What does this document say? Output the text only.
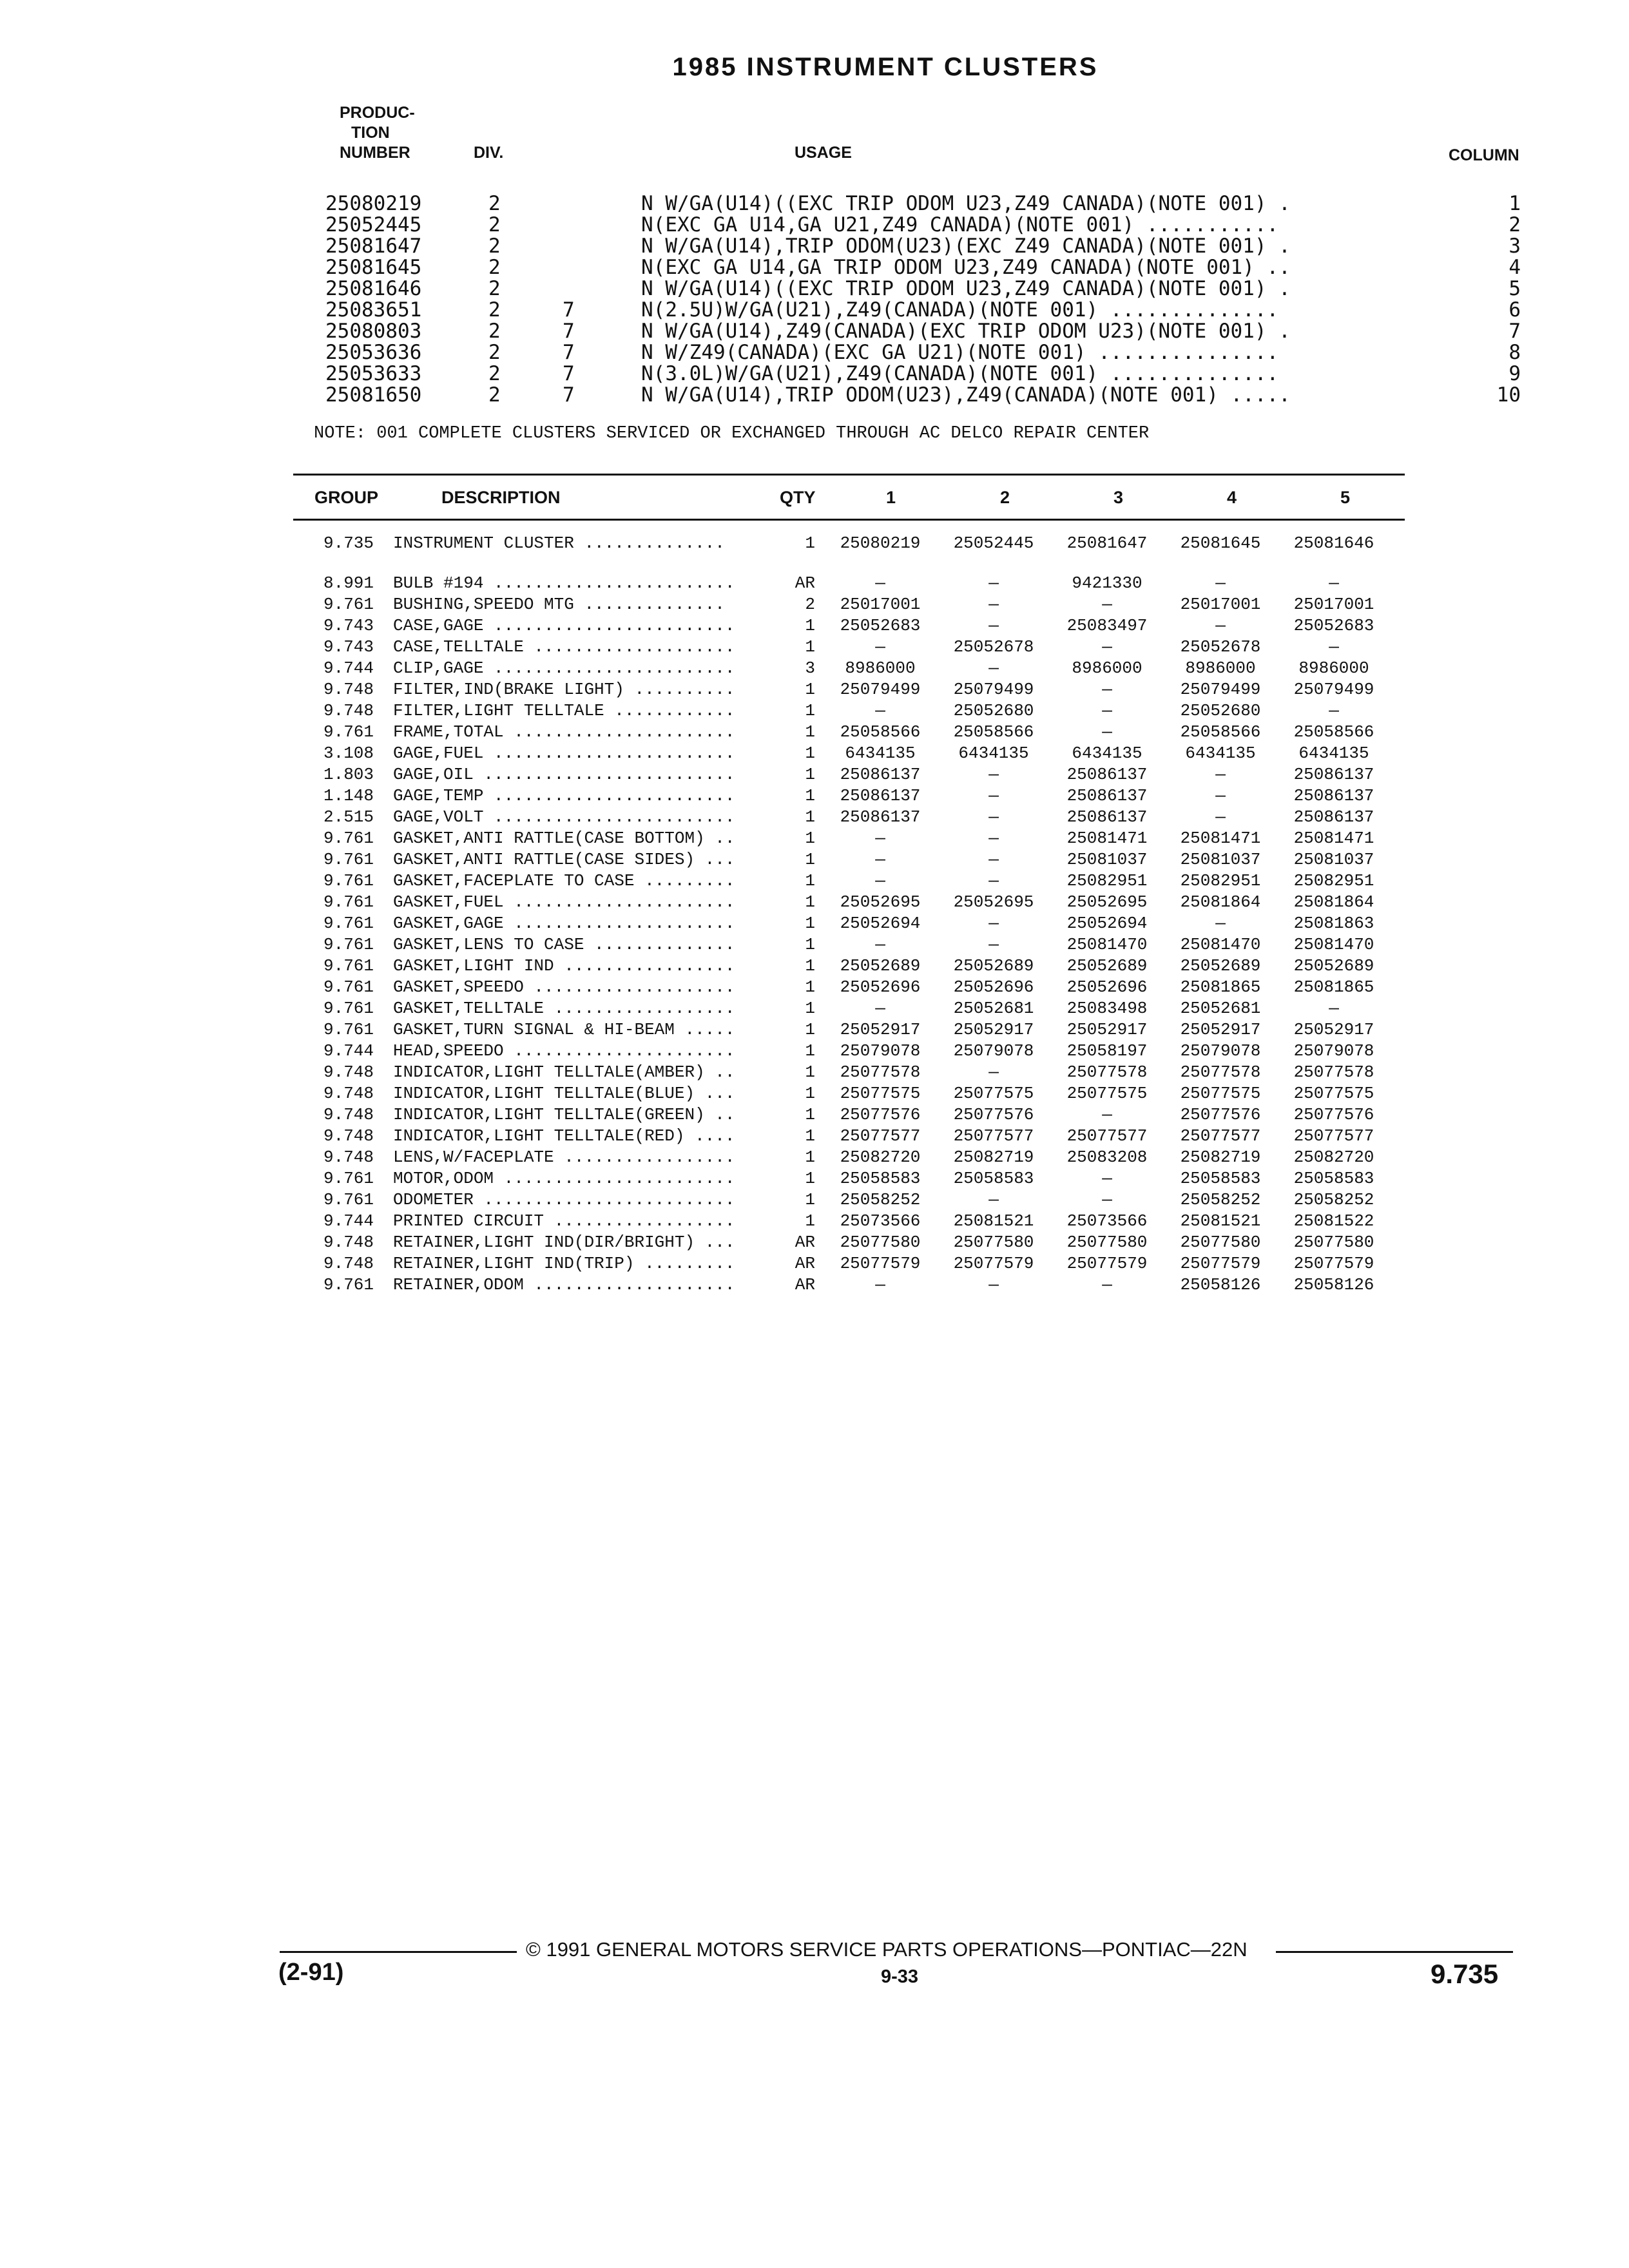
1985 INSTRUMENT CLUSTERS
PRODUC-
TION
NUMBER	DIV.	USAGE	COLUMN
25080219	2	N W/GA(U14)((EXC TRIP ODOM U23,Z49 CANADA)(NOTE 001) .	1
25052445	2	N(EXC GA U14,GA U21,Z49 CANADA)(NOTE 001) ...........	2
25081647	2	N W/GA(U14),TRIP ODOM(U23)(EXC Z49 CANADA)(NOTE 001) .	3
25081645	2	N(EXC GA U14,GA TRIP ODOM U23,Z49 CANADA)(NOTE 001) ..	4
25081646	2	N W/GA(U14)((EXC TRIP ODOM U23,Z49 CANADA)(NOTE 001) .	5
25083651	2	7	N(2.5U)W/GA(U21),Z49(CANADA)(NOTE 001) ..............	6
25080803	2	7	N W/GA(U14),Z49(CANADA)(EXC TRIP ODOM U23)(NOTE 001) .	7
25053636	2	7	N W/Z49(CANADA)(EXC GA U21)(NOTE 001) ...............	8
25053633	2	7	N(3.0L)W/GA(U21),Z49(CANADA)(NOTE 001) ..............	9
25081650	2	7	N W/GA(U14),TRIP ODOM(U23),Z49(CANADA)(NOTE 001) .....	10
NOTE: 001 COMPLETE CLUSTERS SERVICED OR EXCHANGED THROUGH AC DELCO REPAIR CENTER
GROUP	DESCRIPTION	QTY	1	2	3	4	5
9.735 INSTRUMENT CLUSTER ..............	1 25080219 25052445 25081647 25081645 25081646
8.991 BULB #194 ........................	AR	—	—	9421330	—	—
9.761 BUSHING,SPEEDO MTG ..............	2 25017001	—	—	25017001 25017001
9.743 CASE,GAGE ........................	1 25052683	—	25083497	—	25052683
9.743 CASE,TELLTALE ....................	1	—	25052678	—	25052678	—
9.744 CLIP,GAGE ........................	3	8986000	—	8986000	8986000	8986000
9.748 FILTER,IND(BRAKE LIGHT) ..........	1 25079499 25079499	—	25079499 25079499
9.748 FILTER,LIGHT TELLTALE ............	1	—	25052680	—	25052680	—
9.761 FRAME,TOTAL ......................	1 25058566 25058566	—	25058566 25058566
3.108 GAGE,FUEL ........................	1	6434135	6434135	6434135	6434135	6434135
1.803 GAGE,OIL .........................	1 25086137	—	25086137	—	25086137
1.148 GAGE,TEMP ........................	1 25086137	—	25086137	—	25086137
2.515 GAGE,VOLT ........................	1 25086137	—	25086137	—	25086137
9.761 GASKET,ANTI RATTLE(CASE BOTTOM) ..	1	—	—	25081471 25081471 25081471
9.761 GASKET,ANTI RATTLE(CASE SIDES) ...	1	—	—	25081037 25081037 25081037
9.761 GASKET,FACEPLATE TO CASE .........	1	—	—	25082951 25082951 25082951
9.761 GASKET,FUEL ......................	1 25052695 25052695 25052695 25081864 25081864
9.761 GASKET,GAGE ......................	1 25052694	—	25052694	—	25081863
9.761 GASKET,LENS TO CASE ..............	1	—	—	25081470 25081470 25081470
9.761 GASKET,LIGHT IND .................	1 25052689 25052689 25052689 25052689 25052689
9.761 GASKET,SPEEDO ....................	1 25052696 25052696 25052696 25081865 25081865
9.761 GASKET,TELLTALE ..................	1	—	25052681 25083498 25052681	—
9.761 GASKET,TURN SIGNAL & HI-BEAM .....	1 25052917 25052917 25052917 25052917 25052917
9.744 HEAD,SPEEDO ......................	1 25079078 25079078 25058197 25079078 25079078
9.748 INDICATOR,LIGHT TELLTALE(AMBER) ..	1 25077578	—	25077578 25077578 25077578
9.748 INDICATOR,LIGHT TELLTALE(BLUE) ...	1 25077575 25077575 25077575 25077575 25077575
9.748 INDICATOR,LIGHT TELLTALE(GREEN) ..	1 25077576 25077576	—	25077576 25077576
9.748 INDICATOR,LIGHT TELLTALE(RED) ....	1 25077577 25077577 25077577 25077577 25077577
9.748 LENS,W/FACEPLATE .................	1 25082720 25082719 25083208 25082719 25082720
9.761 MOTOR,ODOM .......................	1 25058583 25058583	—	25058583 25058583
9.761 ODOMETER .........................	1 25058252	—	—	25058252 25058252
9.744 PRINTED CIRCUIT ..................	1 25073566 25081521 25073566 25081521 25081522
9.748 RETAINER,LIGHT IND(DIR/BRIGHT) ...	AR 25077580 25077580 25077580 25077580 25077580
9.748 RETAINER,LIGHT IND(TRIP) .........	AR 25077579 25077579 25077579 25077579 25077579
9.761 RETAINER,ODOM ....................	AR	—	—	—	25058126 25058126
© 1991 GENERAL MOTORS SERVICE PARTS OPERATIONS—PONTIAC—22N
(2-91)	9-33	9.735
